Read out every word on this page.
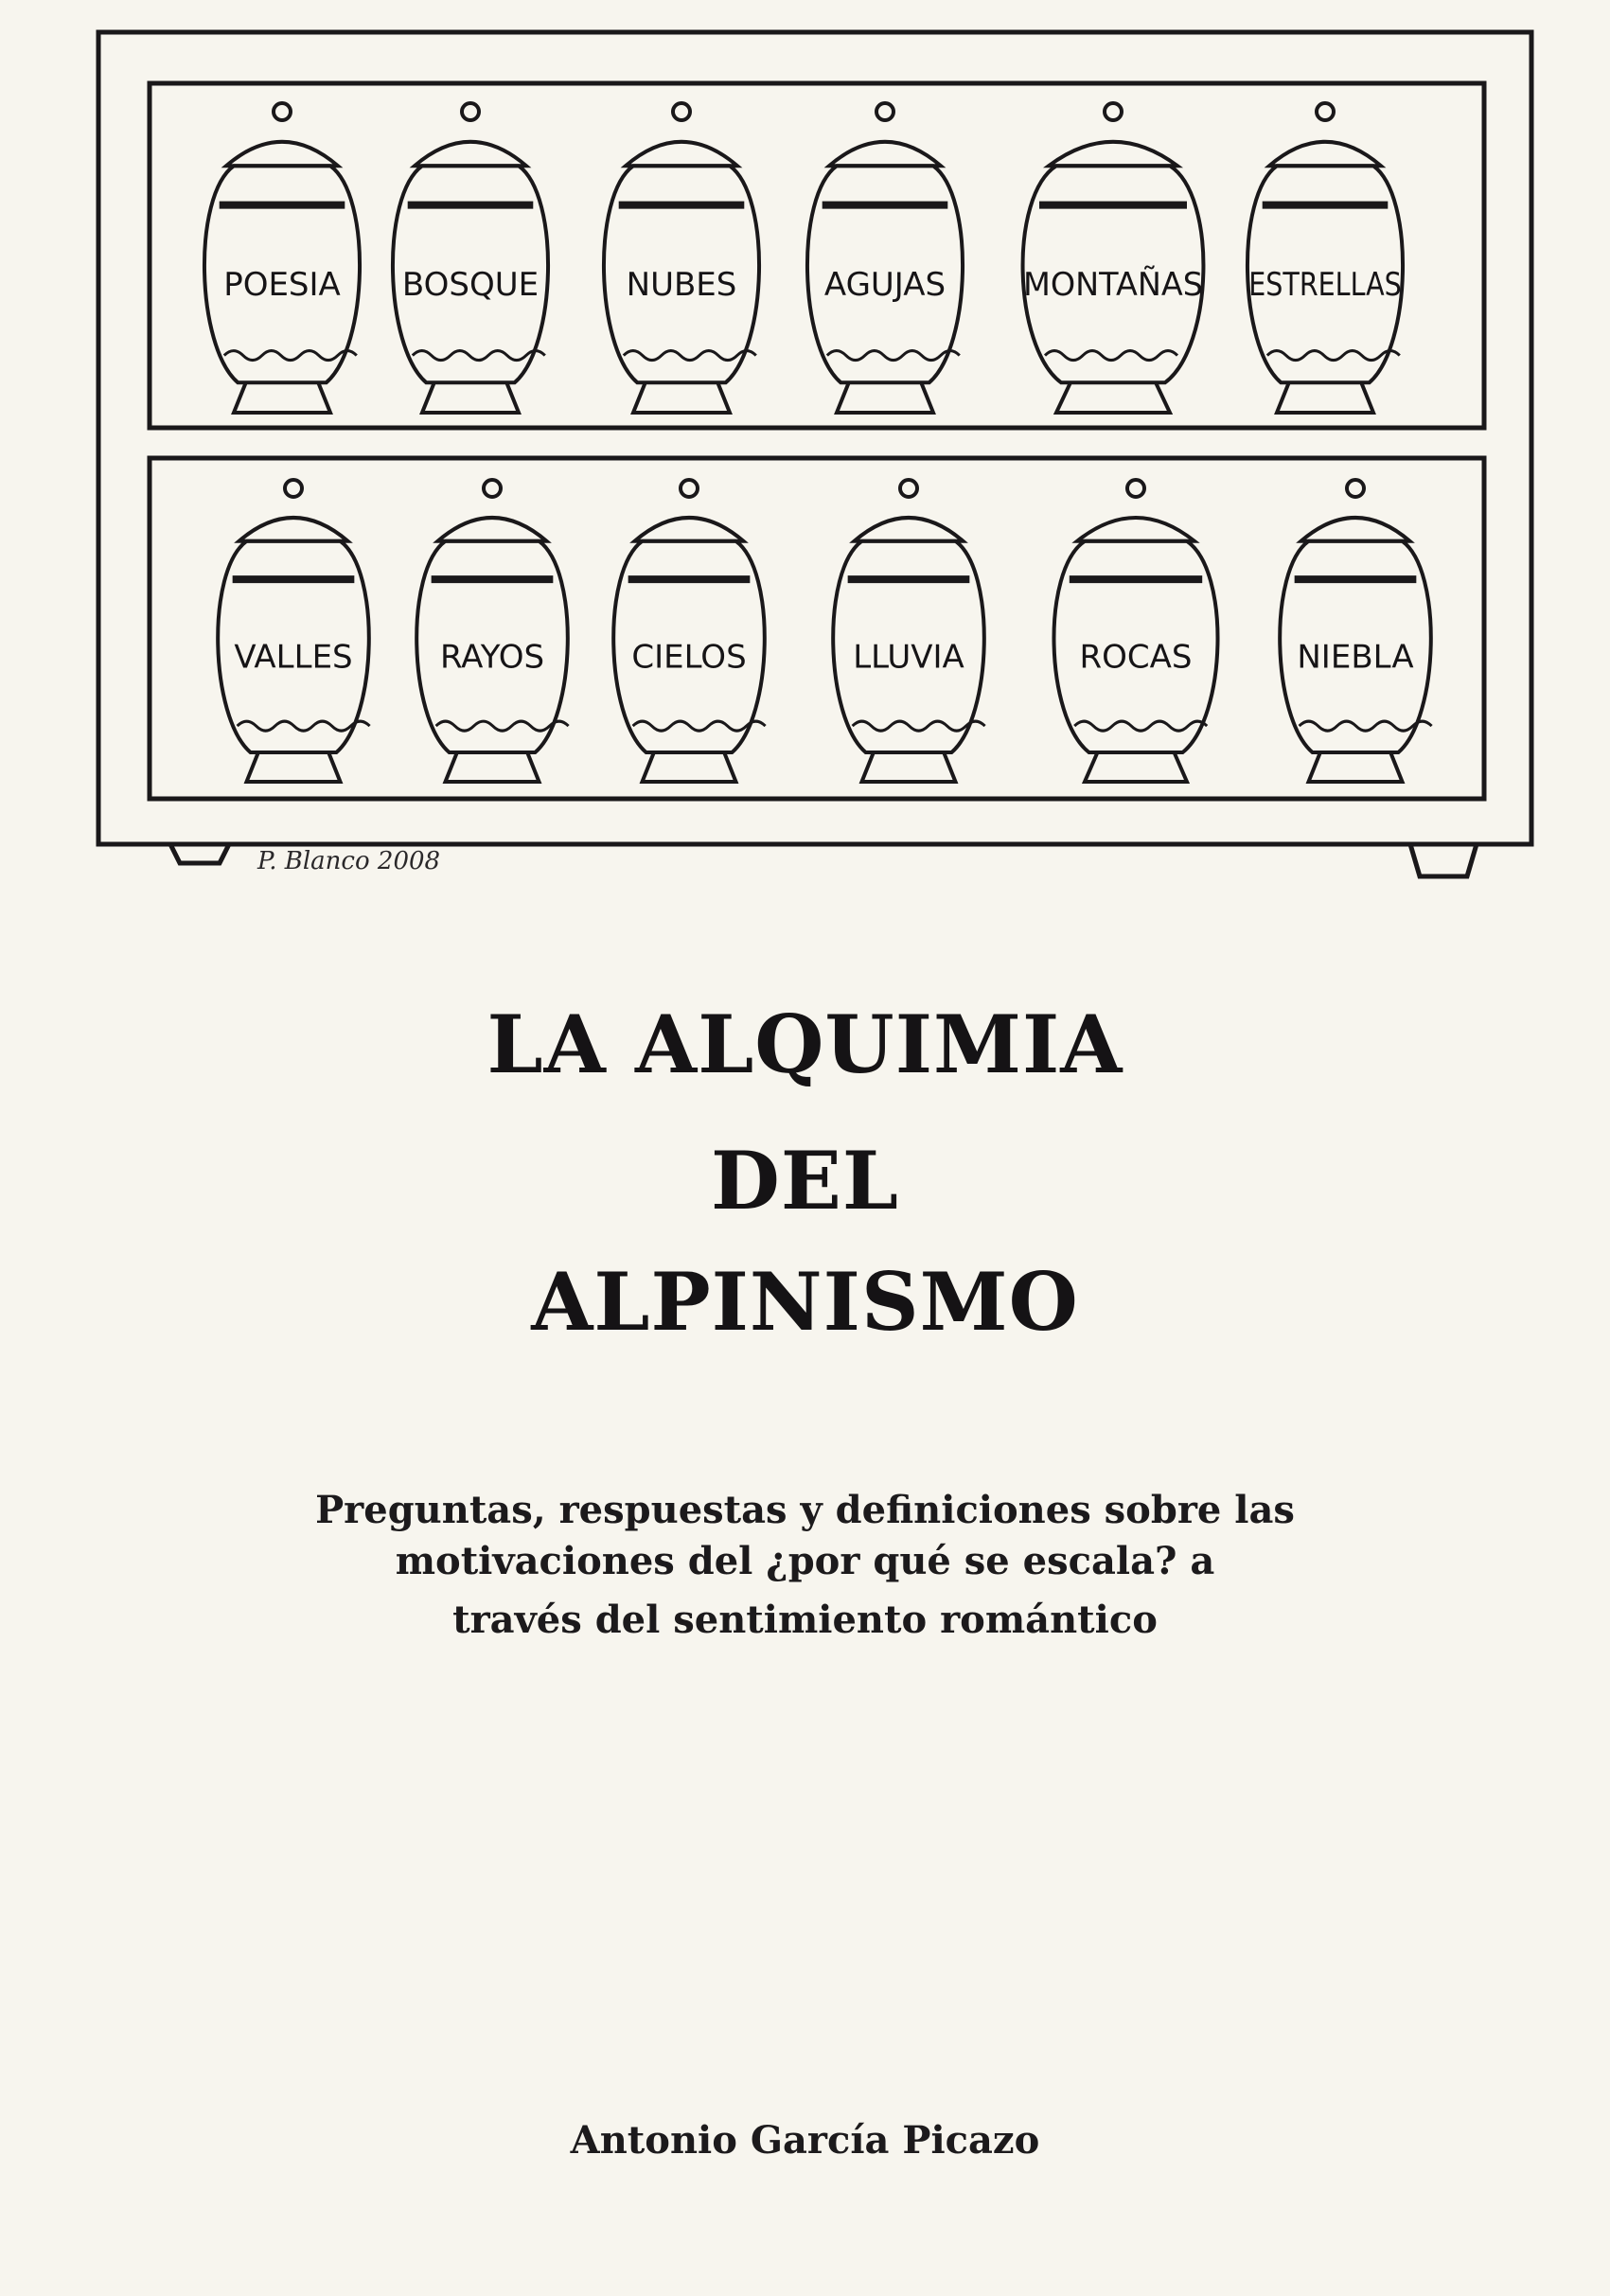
POESIA BOSQUE	NUBES	AGUJAS MONTAÑAS ESTRELLAS
VALLES	RAYOS	CIELOS	LLUVIA	ROCAS	NIEBLA
P. Blanco 2008
LA ALQUIMIA
DEL
ALPINISMO

Preguntas, respuestas y definiciones sobre las

motivaciones del ¿por qué se escala? a

través del sentimiento romántico

Antonio García Picazo
